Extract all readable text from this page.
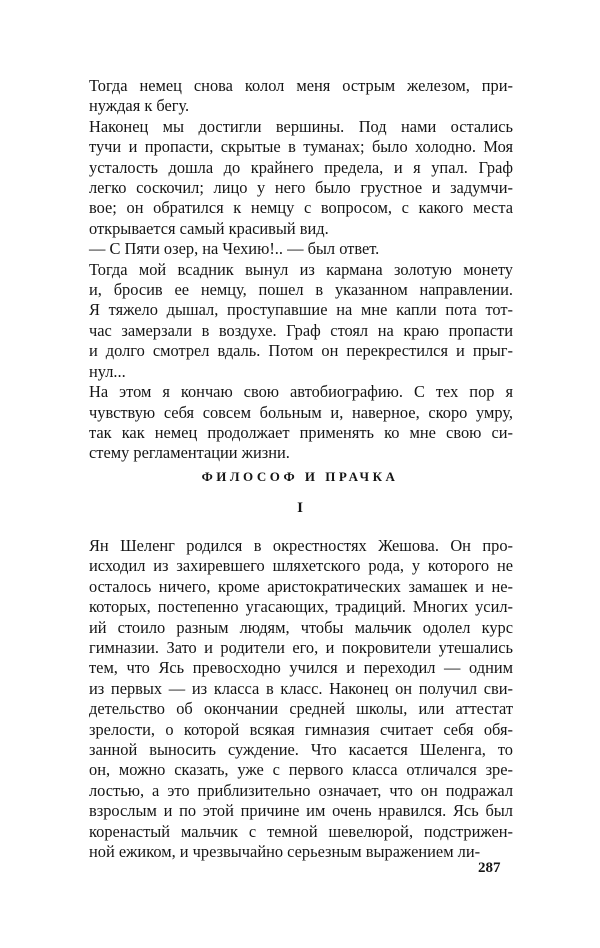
Тогда немец снова колол меня острым железом, при-
нуждая к бегу.
Наконец мы достигли вершины. Под нами остались
тучи и пропасти, скрытые в туманах; было холодно. Моя
усталость дошла до крайнего предела, и я упал. Граф
легко соскочил; лицо у него было грустное и задумчи-
вое; он обратился к немцу с вопросом, с какого места
открывается самый красивый вид.
— С Пяти озер, на Чехию!.. — был ответ.
Тогда мой всадник вынул из кармана золотую монету
и, бросив ее немцу, пошел в указанном направлении.
Я тяжело дышал, проступавшие на мне капли пота тот-
час замерзали в воздухе. Граф стоял на краю пропасти
и долго смотрел вдаль. Потом он перекрестился и прыг-
нул...
На этом я кончаю свою автобиографию. С тех пор я
чувствую себя совсем больным и, наверное, скоро умру,
так как немец продолжает применять ко мне свою си-
стему регламентации жизни.
ФИЛОСОФ И ПРАЧКА
I
Ян Шеленг родился в окрестностях Жешова. Он про-
исходил из захиревшего шляхетского рода, у которого не
осталось ничего, кроме аристократических замашек и не-
которых, постепенно угасающих, традиций. Многих усил-
ий стоило разным людям, чтобы мальчик одолел курс
гимназии. Зато и родители его, и покровители утешались
тем, что Ясь превосходно учился и переходил — одним
из первых — из класса в класс. Наконец он получил сви-
детельство об окончании средней школы, или аттестат
зрелости, о которой всякая гимназия считает себя обя-
занной выносить суждение. Что касается Шеленга, то
он, можно сказать, уже с первого класса отличался зре-
лостью, а это приблизительно означает, что он подражал
взрослым и по этой причине им очень нравился. Ясь был
коренастый мальчик с темной шевелюрой, подстрижен-
ной ежиком, и чрезвычайно серьезным выражением ли-
287
